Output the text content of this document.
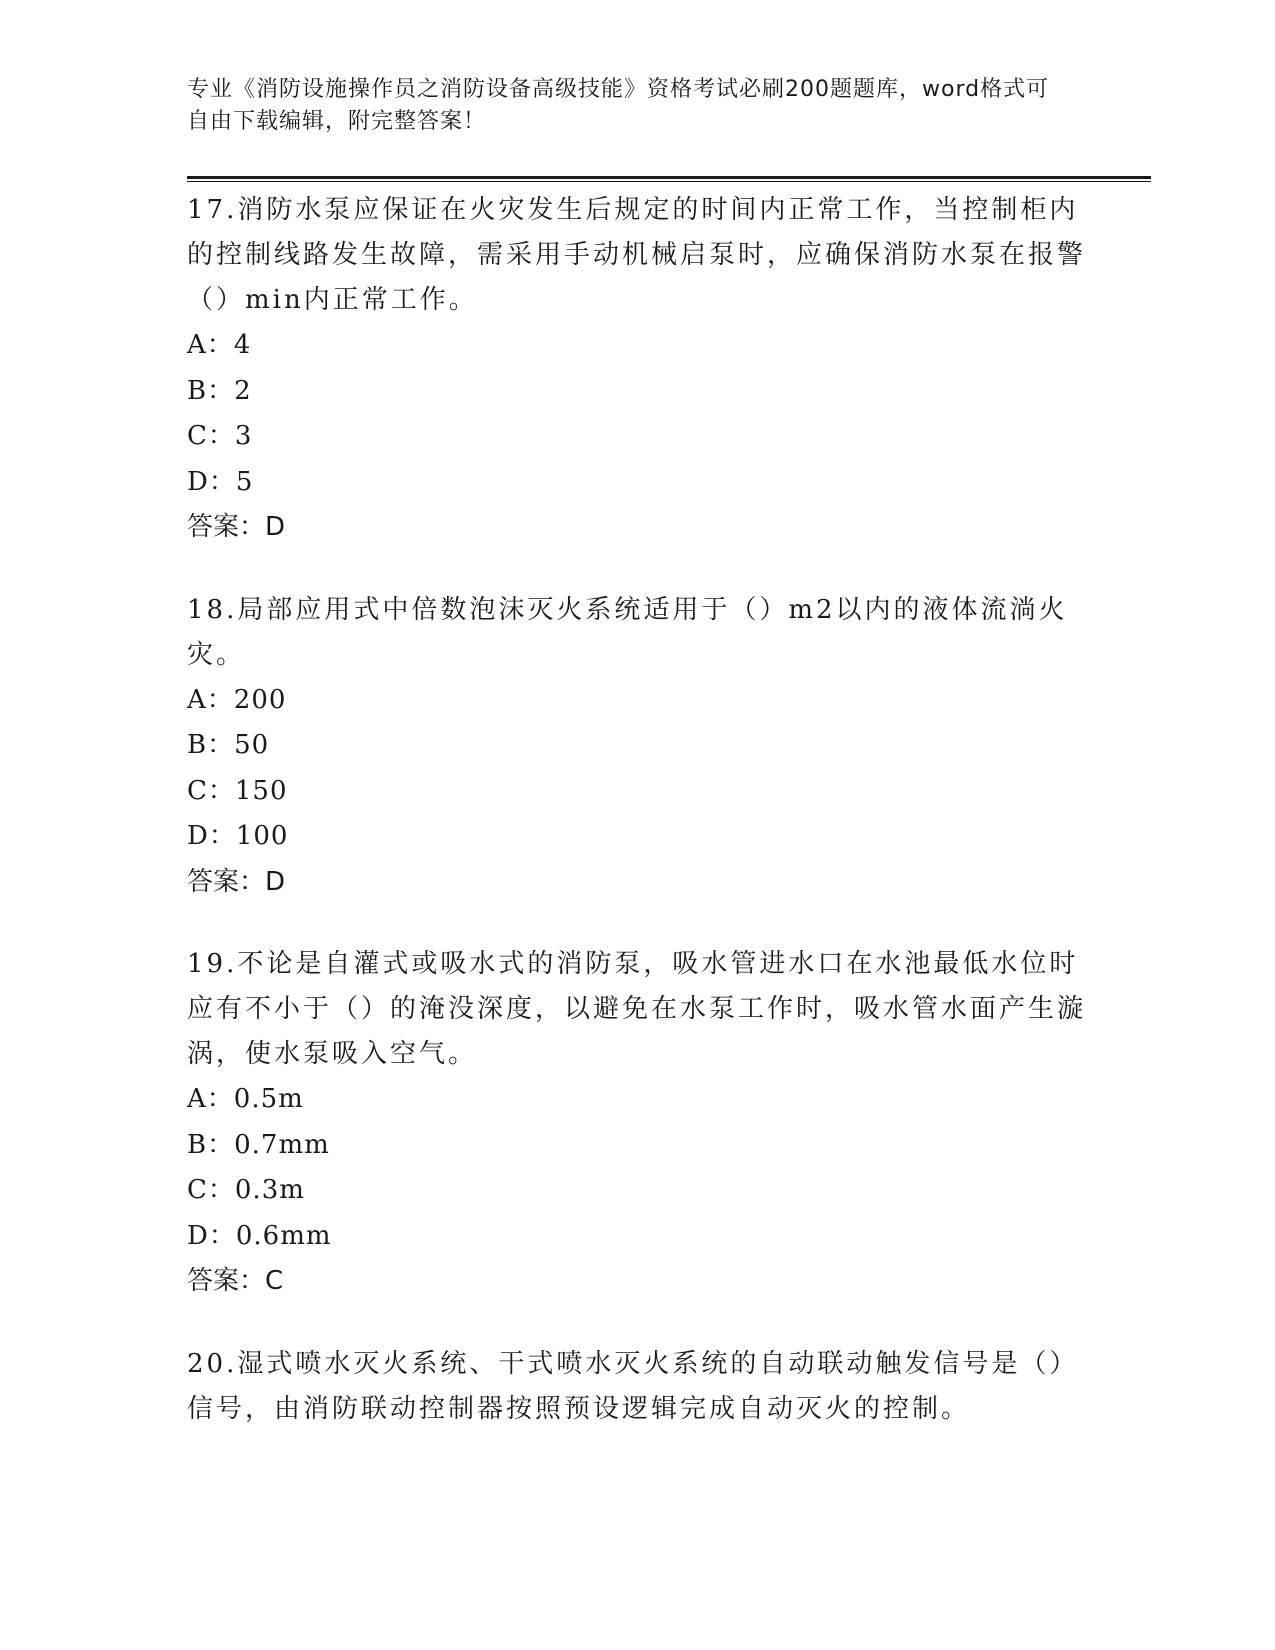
专业《消防设施操作员之消防设备高级技能》资格考试必刷200题题库，word格式可自由下载编辑，附完整答案！

17.消防水泵应保证在火灾发生后规定的时间内正常工作，当控制柜内的控制线路发生故障，需采用手动机械启泵时，应确保消防水泵在报警（）min内正常工作。

A：4

B：2

C：3

D：5

答案：D

18.局部应用式中倍数泡沫灭火系统适用于（）m2以内的液体流淌火灾。

A：200

B：50

C：150

D：100

答案：D

19.不论是自灌式或吸水式的消防泵，吸水管进水口在水池最低水位时应有不小于（）的淹没深度，以避免在水泵工作时，吸水管水面产生漩涡，使水泵吸入空气。

A：0.5m

B：0.7mm

C：0.3m

D：0.6mm

答案：C

20.湿式喷水灭火系统、干式喷水灭火系统的自动联动触发信号是（）信号，由消防联动控制器按照预设逻辑完成自动灭火的控制。
